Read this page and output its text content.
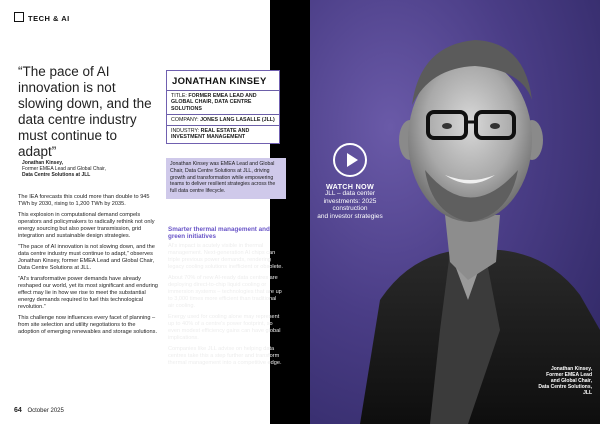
TECH & AI
“The pace of AI innovation is not slowing down, and the data centre industry must continue to adapt”
Jonathan Kinsey,
Former EMEA Lead and Global Chair,
Data Centre Solutions at JLL

The IEA forecasts this could more than double to 945 TWh by 2030, rising to 1,200 TWh by 2035.

This explosion in computational demand compels operators and policymakers to radically rethink not only energy sourcing but also power transmission, grid integration and sustainable design strategies.

“The pace of AI innovation is not slowing down, and the data centre industry must continue to adapt,” observes Jonathan Kinsey, former EMEA Lead and Global Chair, Data Centre Solutions at JLL.

“AI's transformative power demands have already reshaped our world, yet its most significant and enduring effect may lie in how we rise to meet the substantial energy demands required to fuel this technological revolution.”

This challenge now influences every facet of planning – from site selection and utility negotiations to the adoption of emerging renewables and storage solutions.

JONATHAN KINSEY
TITLE: FORMER EMEA LEAD AND GLOBAL CHAIR, DATA CENTRE SOLUTIONS
COMPANY: JONES LANG LASALLE (JLL)
INDUSTRY: REAL ESTATE AND INVESTMENT MANAGEMENT
Jonathan Kinsey was EMEA Lead and Global Chair, Data Centre Solutions at JLL, driving growth and transformation while empowering teams to deliver resilient strategies across the full data centre lifecycle.
Smarter thermal management and green initiatives

AI's impact is acutely visible in thermal management. Next-generation AI chips can triple previous power demands, rendering legacy cooling solutions inefficient or obsolete.

About 70% of new AI-ready data centres are deploying direct-to-chip liquid cooling or immersion systems – technologies that are up to 3,000 times more efficient than traditional air cooling.

Energy used for cooling alone may represent up to 40% of a centre's power footprint, so even modest efficiency gains can have global implications.

Companies like JLL advise on helping data centres take this a step further and transform thermal management into a competitive edge.

WATCH NOW
JLL – data center
investments: 2025
construction
and investor strategies
Jonathan Kinsey,
Former EMEA Lead
and Global Chair,
Data Centre Solutions,
JLL
64 October 2025
